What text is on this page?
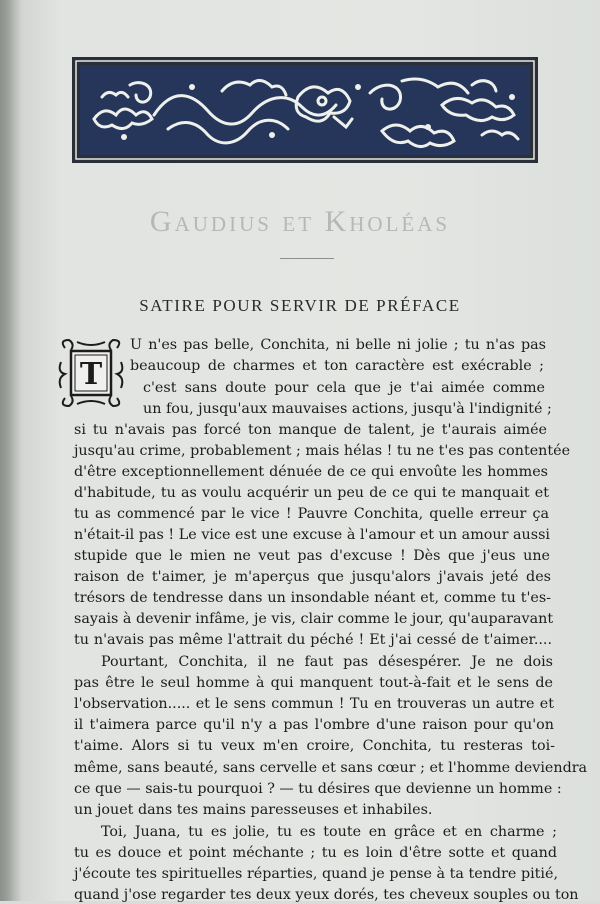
Gaudius et Kholéas
SATIRE POUR SERVIR DE PRÉFACE
T
U n'es pas belle, Conchita, ni belle ni jolie ; tu n'as pas
beaucoup de charmes et ton caractère est exécrable ;
c'est sans doute pour cela que je t'ai aimée comme
un fou, jusqu'aux mauvaises actions, jusqu'à l'indignité ;
si tu n'avais pas forcé ton manque de talent, je t'aurais aimée
jusqu'au crime, probablement ; mais hélas ! tu ne t'es pas contentée
d'être exceptionnellement dénuée de ce qui envoûte les hommes
d'habitude, tu as voulu acquérir un peu de ce qui te manquait et
tu as commencé par le vice ! Pauvre Conchita, quelle erreur ça
n'était-il pas ! Le vice est une excuse à l'amour et un amour aussi
stupide que le mien ne veut pas d'excuse ! Dès que j'eus une
raison de t'aimer, je m'aperçus que jusqu'alors j'avais jeté des
trésors de tendresse dans un insondable néant et, comme tu t'es-
sayais à devenir infâme, je vis, clair comme le jour, qu'auparavant
tu n'avais pas même l'attrait du péché ! Et j'ai cessé de t'aimer....
Pourtant, Conchita, il ne faut pas désespérer. Je ne dois
pas être le seul homme à qui manquent tout-à-fait et le sens de
l'observation..... et le sens commun ! Tu en trouveras un autre et
il t'aimera parce qu'il n'y a pas l'ombre d'une raison pour qu'on
t'aime. Alors si tu veux m'en croire, Conchita, tu resteras toi-
même, sans beauté, sans cervelle et sans cœur ; et l'homme deviendra
ce que — sais-tu pourquoi ? — tu désires que devienne un homme :
un jouet dans tes mains paresseuses et inhabiles.
Toi, Juana, tu es jolie, tu es toute en grâce et en charme ;
tu es douce et point méchante ; tu es loin d'être sotte et quand
j'écoute tes spirituelles réparties, quand je pense à ta tendre pitié,
quand j'ose regarder tes deux yeux dorés, tes cheveux souples ou ton
